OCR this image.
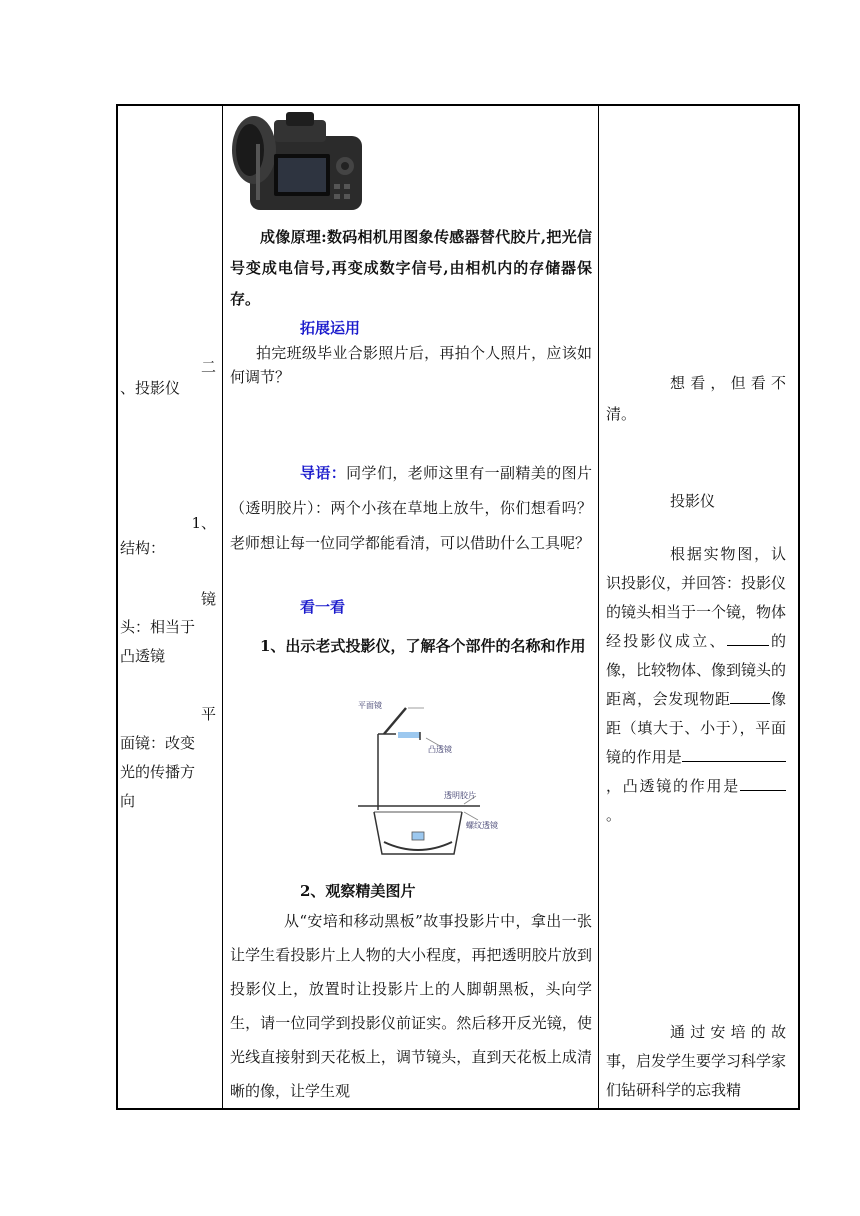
二
、投影仪
1、
结构：
镜
头：相当于
凸透镜
平
面镜：改变
光的传播方
向

成像原理:数码相机用图象传感器替代胶片,把光信号变成电信号,再变成数字信号,由相机内的存储器保存。

拓展运用

拍完班级毕业合影照片后，再拍个人照片，应该如何调节？

导语：同学们，老师这里有一副精美的图片（透明胶片）：两个小孩在草地上放牛，你们想看吗？老师想让每一位同学都能看清，可以借助什么工具呢？

看一看

1、出示老式投影仪，了解各个部件的名称和作用

平面镜
凸透镜
透明胶片
螺纹透镜
2、观察精美图片

从“安培和移动黑板”故事投影片中，拿出一张让学生看投影片上人物的大小程度，再把透明胶片放到投影仪上，放置时让投影片上的人脚朝黑板，头向学生，请一位同学到投影仪前证实。然后移开反光镜，使光线直接射到天花板上，调节镜头，直到天花板上成清晰的像，让学生观

想看，但看不清。

投影仪

根据实物图，认识投影仪，并回答：投影仪的镜头相当于一个镜，物体经投影仪成立、	的像，比较物体、像到镜头的距离，会发现物距	像距（填大于、小于），平面镜的作用是，凸透镜的作用是。

通过安培的故事，启发学生要学习科学家们钻研科学的忘我精
